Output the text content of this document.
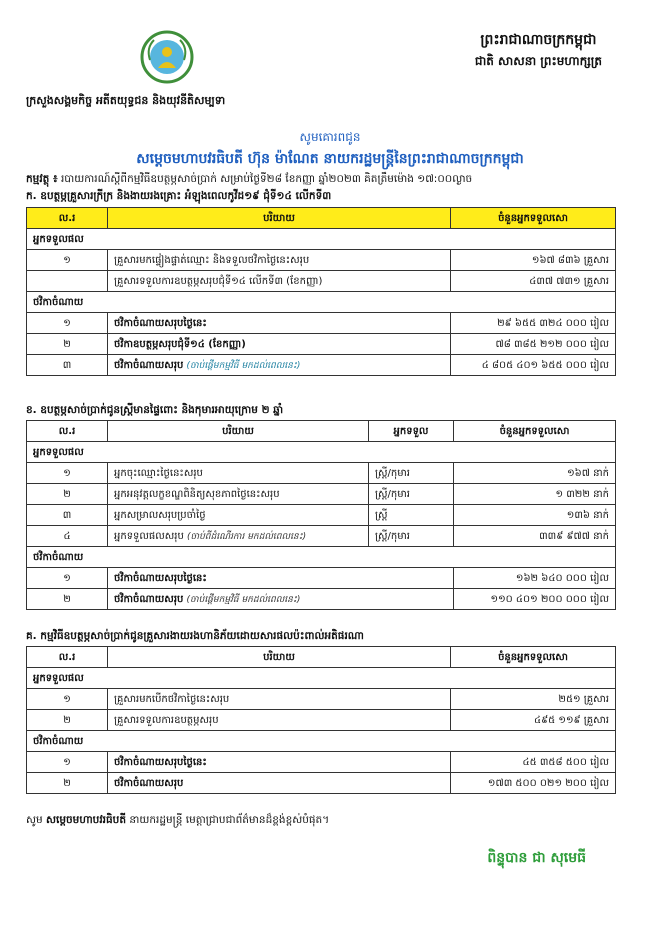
ព្រះរាជាណាចក្រកម្ពុជា
ជាតិ សាសនា ព្រះមហាក្សត្រ
ក្រសួងសង្គមកិច្ច អតីតយុទ្ធជន និងយុវនីតិសម្បទា
សូមគោរពជូន
សម្ដេចមហាបវរធិបតី ហ៊ុន ម៉ាណែត នាយករដ្ឋមន្ត្រីនៃព្រះរាជាណាចក្រកម្ពុជា
កម្មវត្ថុ ៖ របាយការណ៍ស្ដីពីកម្មវិធីឧបត្ថម្ភសាច់ប្រាក់ សម្រាប់ថ្ងៃទី២៨ ខែកញ្ញា ឆ្នាំ២០២៣ គិតត្រឹមម៉ោង ១៧:០០ល្ងាច
ក. ឧបត្ថម្ភគ្រួសារក្រីក្រ និងងាយរងគ្រោះ អំឡុងពេលកូវីដ១៩ ជុំទី១៤ លើកទី៣
ល.រ	បរិយាយ	ចំនួនអ្នកទទួលសោ
អ្នកទទួលផល		
១	គ្រួសារមកផ្ទៀងផ្ទាត់ឈ្មោះ និងទទួលថវិកាថ្ងៃនេះសរុប	១៦៧ ៨៣៦ គ្រួសារ
	គ្រួសារទទួលការឧបត្ថម្ភសរុបជុំទី១៤ លើកទី៣ (ខែកញ្ញា)	៤៣៧ ៧៣១ គ្រួសារ
ថវិកាចំណាយ		
១	ថវិកាចំណាយសរុបថ្ងៃនេះ	២៩ ៦៥៥ ៣២៤ ០០០ រៀល
២	ថវិកាឧបត្ថម្ភសរុបជុំទី១៤ (ខែកញ្ញា)	៧៨ ៣៨៥ ២១២ ០០០ រៀល
៣	ថវិកាចំណាយសរុប (ចាប់ផ្ដើមកម្មវិធី មកដល់ពេលនេះ)	៤ ៨០៥ ៤០១ ៦៥៥ ០០០ រៀល
ខ. ឧបត្ថម្ភសាច់ប្រាក់ជូនស្ត្រីមានផ្ទៃពោះ និងកុមារអាយុក្រោម ២ ឆ្នាំ
ល.រ	បរិយាយ	អ្នកទទួល	ចំនួនអ្នកទទួលសោ
អ្នកទទួលផល			
១	អ្នកចុះឈ្មោះថ្ងៃនេះសរុប	ស្ត្រី/កុមារ	១៦៧ នាក់
២	អ្នកអនុវត្តលក្ខខណ្ឌពិនិត្យសុខភាពថ្ងៃនេះសរុប	ស្ត្រី/កុមារ	១ ៣២២ នាក់
៣	អ្នកសម្រាលសរុបប្រចាំថ្ងៃ	ស្ត្រី	១៣៦ នាក់
៤	អ្នកទទួលផលសរុប (ចាប់ពីដំណើរការ មកដល់ពេលនេះ)	ស្ត្រី/កុមារ	៣៣៩ ៩៧៧ នាក់
ថវិកាចំណាយ			
១	ថវិកាចំណាយសរុបថ្ងៃនេះ		១៦២ ៦៤០ ០០០ រៀល
២	ថវិកាចំណាយសរុប (ចាប់ផ្ដើមកម្មវិធី មកដល់ពេលនេះ)		១១០ ៤០១ ២០០ ០០០ រៀល
គ. កម្មវិធីឧបត្ថម្ភសាច់ប្រាក់ជូនគ្រួសារងាយរងហានិភ័យដោយសារផលប៉ះពាល់អតិផរណា
ល.រ	បរិយាយ	ចំនួនអ្នកទទួលសោ
អ្នកទទួលផល		
១	គ្រួសារមកបើកថវិកាថ្ងៃនេះសរុប	២៥១ គ្រួសារ
២	គ្រួសារទទួលការឧបត្ថម្ភសរុប	៤៩៥ ១១៩ គ្រួសារ
ថវិកាចំណាយ		
១	ថវិកាចំណាយសរុបថ្ងៃនេះ	៤៥ ៣៥៨ ៥០០ រៀល
២	ថវិកាចំណាយសរុប	១៧៣ ៥០០ ០២១ ២០០ រៀល
សូម សម្ដេចមហាបវរធិបតី នាយករដ្ឋមន្ត្រី មេត្តាជ្រាបជាព័ត៌មានដ៏ខ្ពង់ខ្ពស់បំផុត។
ពិន្ទុបាន ជា សុមេធី
